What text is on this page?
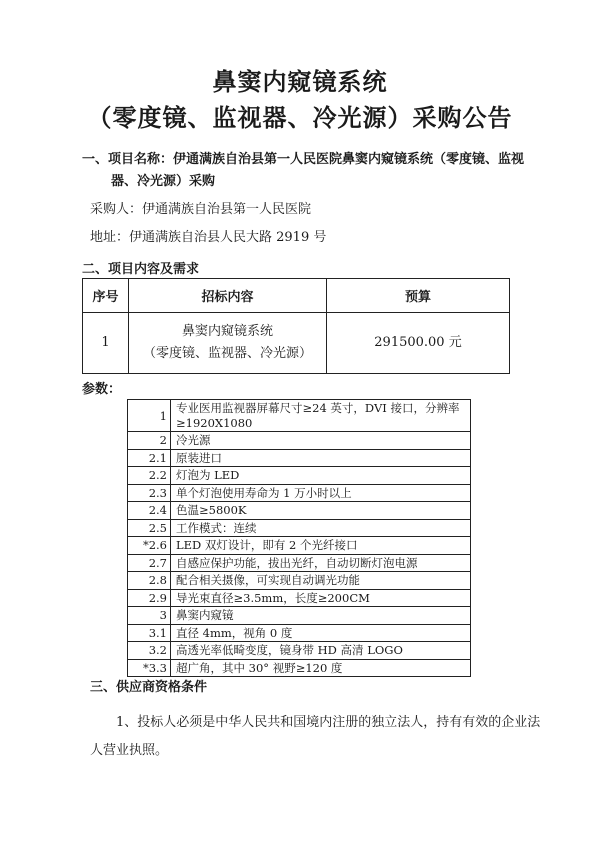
鼻窦内窥镜系统
（零度镜、监视器、冷光源）采购公告
一、项目名称：伊通满族自治县第一人民医院鼻窦内窥镜系统（零度镜、监视
器、冷光源）采购
采购人：伊通满族自治县第一人民医院
地址：伊通满族自治县人民大路 2919 号
二、项目内容及需求
序号	招标内容	预算
1	鼻窦内窥镜系统
（零度镜、监视器、冷光源）	291500.00 元
参数：
1	专业医用监视器屏幕尺寸≥24 英寸，DVI 接口，分辨率
≥1920X1080

2	冷光源
2.1	原装进口
2.2	灯泡为 LED
2.3	单个灯泡使用寿命为 1 万小时以上
2.4	色温≥5800K
2.5	工作模式：连续
*2.6	LED 双灯设计，即有 2 个光纤接口
2.7	自感应保护功能，拔出光纤，自动切断灯泡电源
2.8	配合相关摄像，可实现自动调光功能
2.9	导光束直径≥3.5mm，长度≥200CM
3	鼻窦内窥镜
3.1	直径 4mm，视角 0 度
3.2	高透光率低畸变度，镜身带 HD 高清 LOGO
*3.3	超广角，其中 30° 视野≥120 度
三、供应商资格条件
1、投标人必须是中华人民共和国境内注册的独立法人，持有有效的企业法
人营业执照。
